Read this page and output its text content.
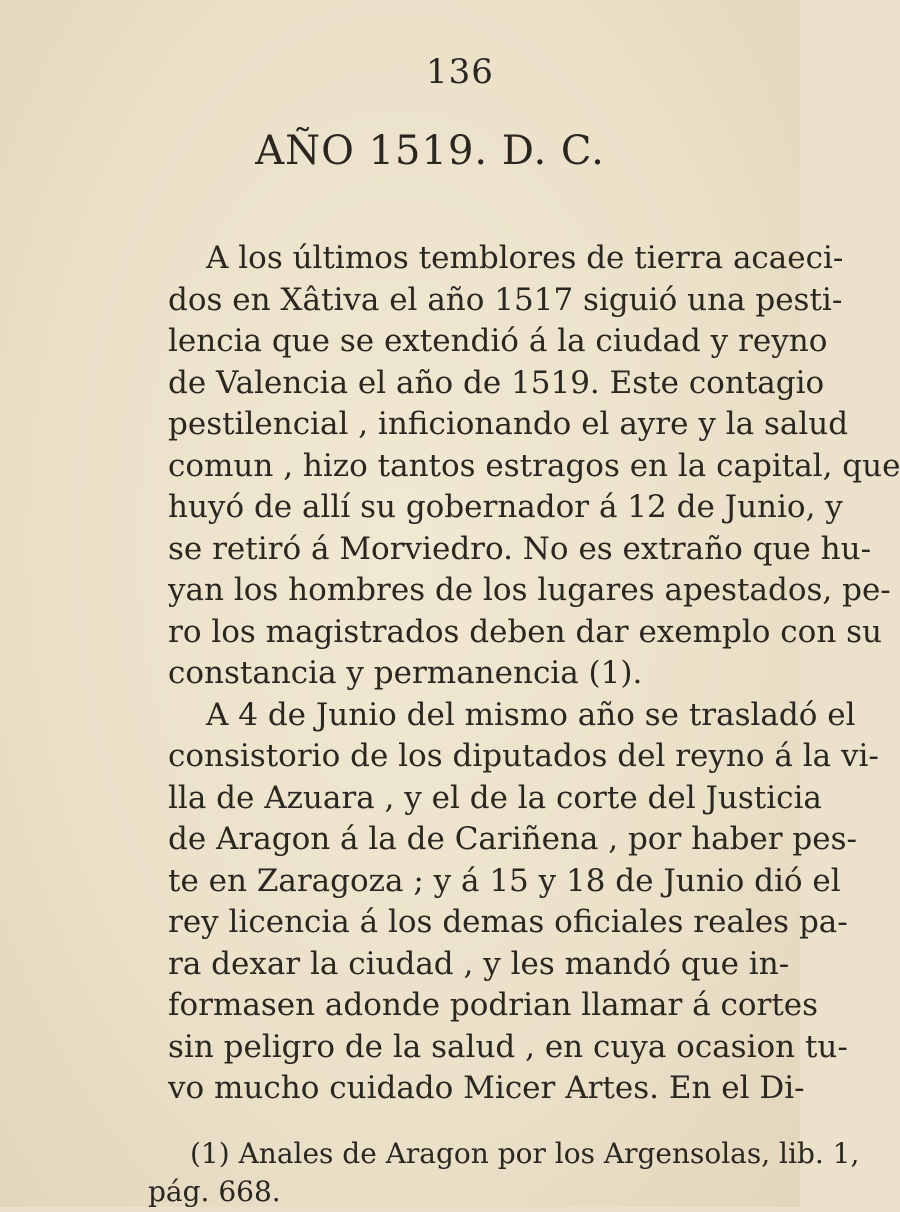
136
AÑO 1519. D. C.
A los últimos temblores de tierra acaeci-
dos en Xâtiva el año 1517 siguió una pesti-
lencia que se extendió á la ciudad y reyno
de Valencia el año de 1519. Este contagio
pestilencial , inficionando el ayre y la salud
comun , hizo tantos estragos en la capital, que
huyó de allí su gobernador á 12 de Junio, y
se retiró á Morviedro. No es extraño que hu-
yan los hombres de los lugares apestados, pe-
ro los magistrados deben dar exemplo con su
constancia y permanencia (1).
A 4 de Junio del mismo año se trasladó el
consistorio de los diputados del reyno á la vi-
lla de Azuara , y el de la corte del Justicia
de Aragon á la de Cariñena , por haber pes-
te en Zaragoza ; y á 15 y 18 de Junio dió el
rey licencia á los demas oficiales reales pa-
ra dexar la ciudad , y les mandó que in-
formasen adonde podrian llamar á cortes
sin peligro de la salud , en cuya ocasion tu-
vo mucho cuidado Micer Artes. En el Di-
(1) Anales de Aragon por los Argensolas, lib. 1,
pág. 668.
